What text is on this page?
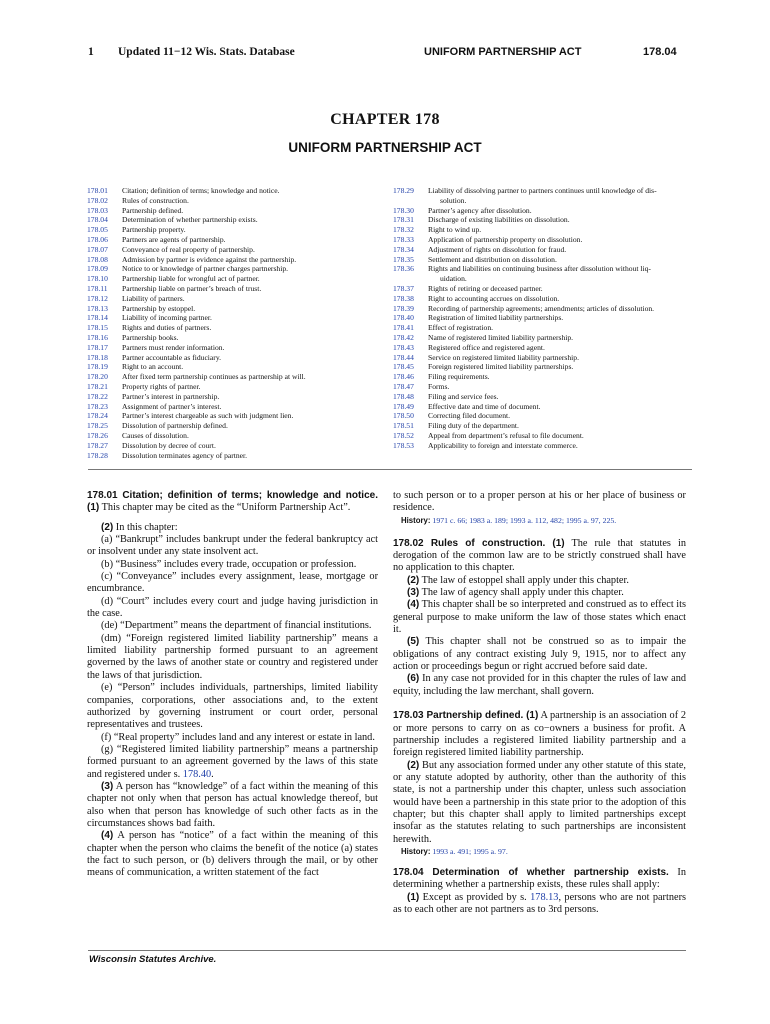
1 Updated 11−12 Wis. Stats. Database	UNIFORM PARTNERSHIP ACT	178.04
CHAPTER 178
UNIFORM PARTNERSHIP ACT
178.01	Citation; definition of terms; knowledge and notice.
178.02	Rules of construction.
178.03	Partnership defined.
178.04	Determination of whether partnership exists.
178.05	Partnership property.
178.06	Partners are agents of partnership.
178.07	Conveyance of real property of partnership.
178.08	Admission by partner is evidence against the partnership.
178.09	Notice to or knowledge of partner charges partnership.
178.10	Partnership liable for wrongful act of partner.
178.11	Partnership liable on partner’s breach of trust.
178.12	Liability of partners.
178.13	Partnership by estoppel.
178.14	Liability of incoming partner.
178.15	Rights and duties of partners.
178.16	Partnership books.
178.17	Partners must render information.
178.18	Partner accountable as fiduciary.
178.19	Right to an account.
178.20	After fixed term partnership continues as partnership at will.
178.21	Property rights of partner.
178.22	Partner’s interest in partnership.
178.23	Assignment of partner’s interest.
178.24	Partner’s interest chargeable as such with judgment lien.
178.25	Dissolution of partnership defined.
178.26	Causes of dissolution.
178.27	Dissolution by decree of court.
178.28	Dissolution terminates agency of partner.
178.29	Liability of dissolving partner to partners continues until knowledge of dis-
solution.
178.30	Partner’s agency after dissolution.
178.31	Discharge of existing liabilities on dissolution.
178.32	Right to wind up.
178.33	Application of partnership property on dissolution.
178.34	Adjustment of rights on dissolution for fraud.
178.35	Settlement and distribution on dissolution.
178.36	Rights and liabilities on continuing business after dissolution without liq-
uidation.
178.37	Rights of retiring or deceased partner.
178.38	Right to accounting accrues on dissolution.
178.39	Recording of partnership agreements; amendments; articles of dissolution.
178.40	Registration of limited liability partnerships.
178.41	Effect of registration.
178.42	Name of registered limited liability partnership.
178.43	Registered office and registered agent.
178.44	Service on registered limited liability partnership.
178.45	Foreign registered limited liability partnerships.
178.46	Filing requirements.
178.47	Forms.
178.48	Filing and service fees.
178.49	Effective date and time of document.
178.50	Correcting filed document.
178.51	Filing duty of the department.
178.52	Appeal from department’s refusal to file document.
178.53	Applicability to foreign and interstate commerce.

178.01 Citation; definition of terms; knowledge and notice. (1) This chapter may be cited as the “Uniform Partnership Act”.

(2) In this chapter:

(a) “Bankrupt” includes bankrupt under the federal bankruptcy act or insolvent under any state insolvent act.

(b) “Business” includes every trade, occupation or profession.

(c) “Conveyance” includes every assignment, lease, mortgage or encumbrance.

(d) “Court” includes every court and judge having jurisdiction in the case.

(de) “Department” means the department of financial institutions.

(dm) “Foreign registered limited liability partnership” means a limited liability partnership formed pursuant to an agreement governed by the laws of another state or country and registered under the laws of that jurisdiction.

(e) “Person” includes individuals, partnerships, limited liability companies, corporations, other associations and, to the extent authorized by governing instrument or court order, personal representatives and trustees.

(f) “Real property” includes land and any interest or estate in land.

(g) “Registered limited liability partnership” means a partnership formed pursuant to an agreement governed by the laws of this state and registered under s. 178.40.

(3) A person has “knowledge” of a fact within the meaning of this chapter not only when that person has actual knowledge thereof, but also when that person has knowledge of such other facts as in the circumstances shows bad faith.

(4) A person has “notice” of a fact within the meaning of this chapter when the person who claims the benefit of the notice (a) states the fact to such person, or (b) delivers through the mail, or by other means of communication, a written statement of the fact

to such person or to a proper person at his or her place of business or residence.

History: 1971 c. 66; 1983 a. 189; 1993 a. 112, 482; 1995 a. 97, 225.

178.02 Rules of construction. (1) The rule that statutes in derogation of the common law are to be strictly construed shall have no application to this chapter.

(2) The law of estoppel shall apply under this chapter.

(3) The law of agency shall apply under this chapter.

(4) This chapter shall be so interpreted and construed as to effect its general purpose to make uniform the law of those states which enact it.

(5) This chapter shall not be construed so as to impair the obligations of any contract existing July 9, 1915, nor to affect any action or proceedings begun or right accrued before said date.

(6) In any case not provided for in this chapter the rules of law and equity, including the law merchant, shall govern.

178.03 Partnership defined. (1) A partnership is an association of 2 or more persons to carry on as co−owners a business for profit. A partnership includes a registered limited liability partnership and a foreign registered limited liability partnership.

(2) But any association formed under any other statute of this state, or any statute adopted by authority, other than the authority of this state, is not a partnership under this chapter, unless such association would have been a partnership in this state prior to the adoption of this chapter; but this chapter shall apply to limited partnerships except insofar as the statutes relating to such partnerships are inconsistent herewith.

History: 1993 a. 491; 1995 a. 97.

178.04 Determination of whether partnership exists. In determining whether a partnership exists, these rules shall apply:

(1) Except as provided by s. 178.13, persons who are not partners as to each other are not partners as to 3rd persons.

Wisconsin Statutes Archive.
